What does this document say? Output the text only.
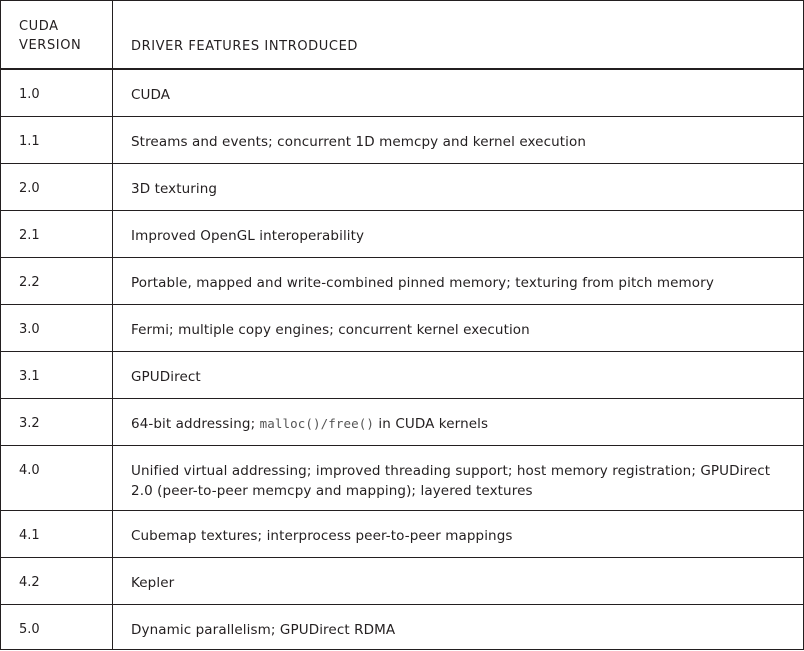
CUDA
VERSION	DRIVER FEATURES INTRODUCED
1.0	CUDA
1.1	Streams and events; concurrent 1D memcpy and kernel execution
2.0	3D texturing
2.1	Improved OpenGL interoperability
2.2	Portable, mapped and write-combined pinned memory; texturing from pitch memory
3.0	Fermi; multiple copy engines; concurrent kernel execution
3.1	GPUDirect
3.2	64-bit addressing; malloc()/free() in CUDA kernels
4.0	Unified virtual addressing; improved threading support; host memory registration; GPUDirect 2.0 (peer-to-peer memcpy and mapping); layered textures
4.1	Cubemap textures; interprocess peer-to-peer mappings
4.2	Kepler
5.0	Dynamic parallelism; GPUDirect RDMA
